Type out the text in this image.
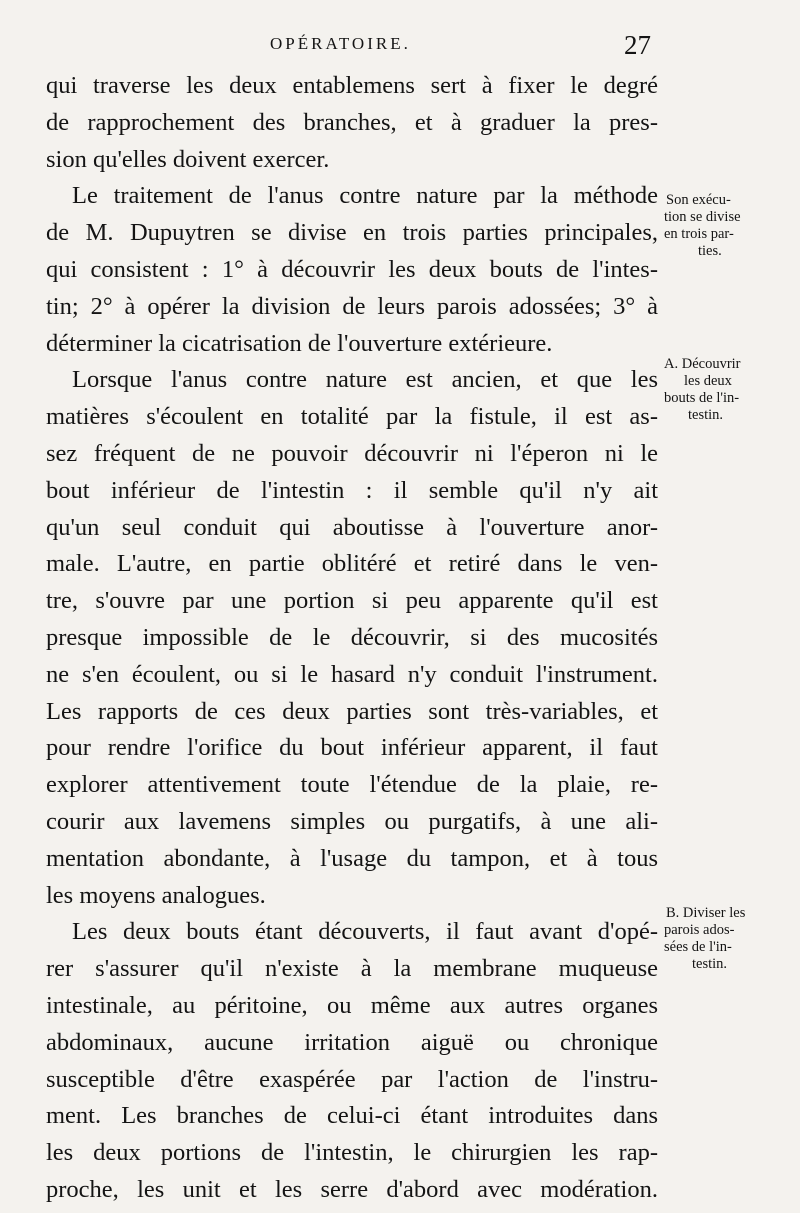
OPÉRATOIRE.	27
qui traverse les deux entablemens sert à fixer le degré
de rapprochement des branches, et à graduer la pres-
sion qu'elles doivent exercer.
Le traitement de l'anus contre nature par la méthode
de M. Dupuytren se divise en trois parties principales,
qui consistent : 1° à découvrir les deux bouts de l'intes-
tin; 2° à opérer la division de leurs parois adossées; 3° à
déterminer la cicatrisation de l'ouverture extérieure.
Lorsque l'anus contre nature est ancien, et que les
matières s'écoulent en totalité par la fistule, il est as-
sez fréquent de ne pouvoir découvrir ni l'éperon ni le
bout inférieur de l'intestin : il semble qu'il n'y ait
qu'un seul conduit qui aboutisse à l'ouverture anor-
male. L'autre, en partie oblitéré et retiré dans le ven-
tre, s'ouvre par une portion si peu apparente qu'il est
presque impossible de le découvrir, si des mucosités
ne s'en écoulent, ou si le hasard n'y conduit l'instrument.
Les rapports de ces deux parties sont très-variables, et
pour rendre l'orifice du bout inférieur apparent, il faut
explorer attentivement toute l'étendue de la plaie, re-
courir aux lavemens simples ou purgatifs, à une ali-
mentation abondante, à l'usage du tampon, et à tous
les moyens analogues.
Les deux bouts étant découverts, il faut avant d'opé-
rer s'assurer qu'il n'existe à la membrane muqueuse
intestinale, au péritoine, ou même aux autres organes
abdominaux, aucune irritation aiguë ou chronique
susceptible d'être exaspérée par l'action de l'instru-
ment. Les branches de celui-ci étant introduites dans
les deux portions de l'intestin, le chirurgien les rap-
proche, les unit et les serre d'abord avec modération.
Son exécu-
tion se divise
en trois par-
ties.
A. Découvrir
les deux
bouts de l'in-
testin.
B. Diviser les
parois ados-
sées de l'in-
testin.
